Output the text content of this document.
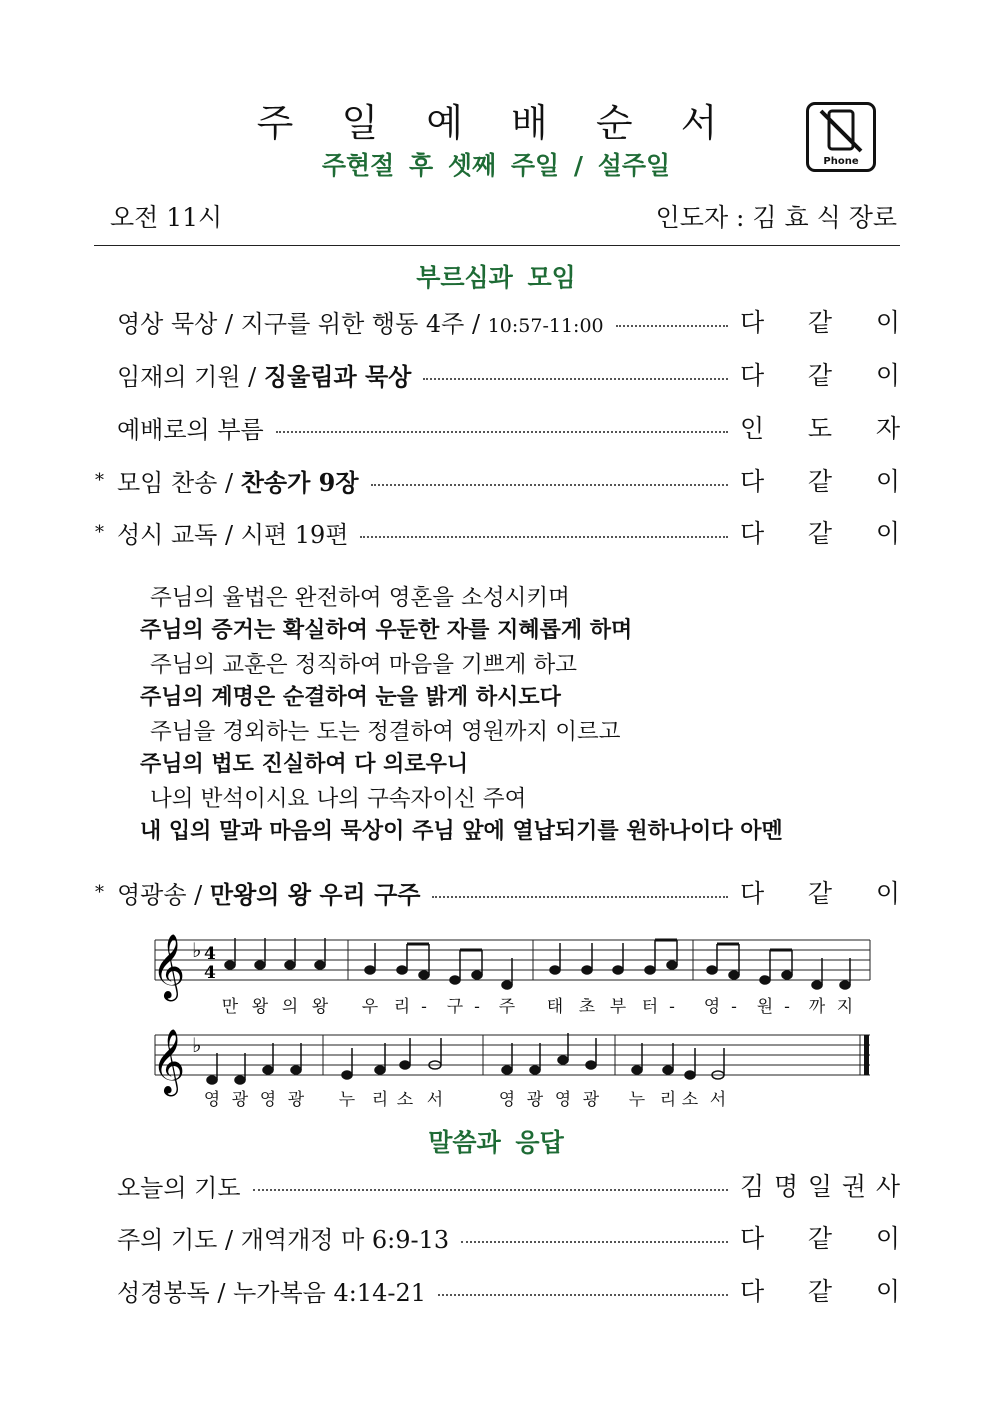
주 일 예 배 순 서
주현절 후 셋째 주일 / 설주일	Phone
오전 11시	인도자 : 김 효 식 장로
부르심과 모임
영상 묵상 / 지구를 위한 행동 4주 / 10:57-11:00	다 같 이
임재의 기원 / 징울림과 묵상	다 같 이
예배로의 부름	인 도 자
* 모임 찬송 / 찬송가 9장	다 같 이
* 성시 교독 / 시편 19편	다 같 이
주님의 율법은 완전하여 영혼을 소성시키며
주님의 증거는 확실하여 우둔한 자를 지혜롭게 하며
주님의 교훈은 정직하여 마음을 기쁘게 하고
주님의 계명은 순결하여 눈을 밝게 하시도다
주님을 경외하는 도는 정결하여 영원까지 이르고
주님의 법도 진실하여 다 의로우니
나의 반석이시요 나의 구속자이신 주여
내 입의 말과 마음의 묵상이 주님 앞에 열납되기를 원하나이다 아멘
* 영광송 / 만왕의 왕 우리 구주	다 같 이
𝄞
𝄞
♭
♭
4
4
만 왕 의 왕 우 리 - 구 - 주 태 초 부 터 - 영 - 원 - 까 지
영 광 영 광 누 리 소 서	영 광 영 광 누 리 소 서
말씀과 응답
오늘의 기도	김 명 일 권 사
주의 기도 / 개역개정 마 6:9-13	다 같 이
성경봉독 / 누가복음 4:14-21	다 같 이
